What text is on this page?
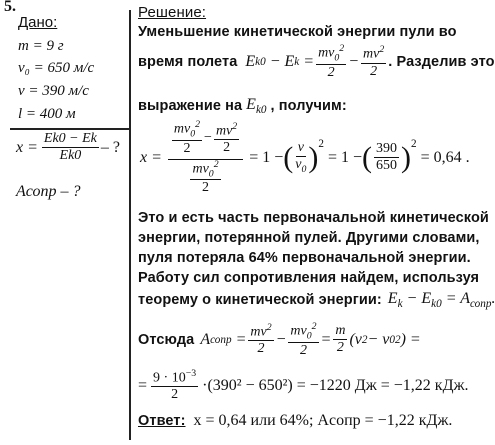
5.
Дано:
m = 9 г
v₀ = 650 м/с
v = 390 м/с
l = 400 м
$x = \frac{Ek0 - Ek}{Ek0}$ – ?
Aсопр – ?
Решение:
Уменьшение кинетической энергии пули во
время полета E k0 − E $k = \frac{mv_0^2}{2} - \frac{mv^2}{2}$ . Разделив это
выражение на $E_{k0}$ , получим:
$x = \frac{\frac{mv_0^2}{2} - \frac{mv^2}{2}}{\frac{mv_0^2}{2}} = 1$ − ( $\frac{v}{v_0} )^2$
= 1 − ( $\frac{390}{650} )^2$
= 0,64 .
Это и есть часть первоначальной кинетической
энергии, потерянной пулей. Другими словами,
пуля потеряла 64% первоначальной энергии.
Работу сил сопротивления найдем, используя
теорему о кинетической энергии: $E_k - E_{k0} = A_{сопр}$
Отсюда A сопр = $\frac{mv^2}{2} - \frac{mv_0^2}{2} = \frac{m}{2} (v$ 2 − v 0 2 ) =
= $\frac{9 \cdot 10^{-3}}{2} \cdot(390^2 - 650^2) = -1220$ Дж = −1,22 кДж.
Ответ: x = 0,64 или 64%; Aсопр = −1,22 кДж.
